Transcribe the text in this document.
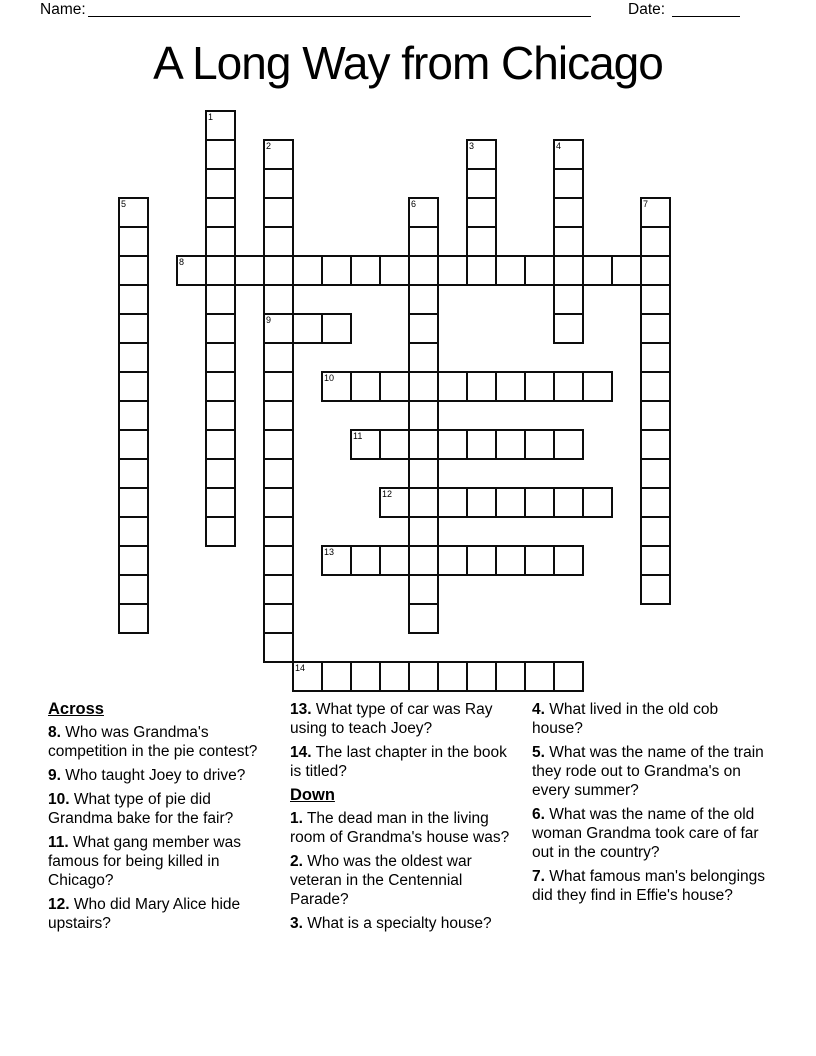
Name:	Date:
A Long Way from Chicago
1
2	3	4
5	6	7
8
9
10
11
12
13
14
Across

8. Who was Grandma's competition in the pie contest?

9. Who taught Joey to drive?

10. What type of pie did Grandma bake for the fair?

11. What gang member was famous for being killed in Chicago?

12. Who did Mary Alice hide upstairs?

13. What type of car was Ray using to teach Joey?

14. The last chapter in the book is titled?

Down

1. The dead man in the living room of Grandma's house was?

2. Who was the oldest war veteran in the Centennial Parade?

3. What is a specialty house?

4. What lived in the old cob house?

5. What was the name of the train they rode out to Grandma's on every summer?

6. What was the name of the old woman Grandma took care of far out in the country?

7. What famous man's belongings did they find in Effie's house?
